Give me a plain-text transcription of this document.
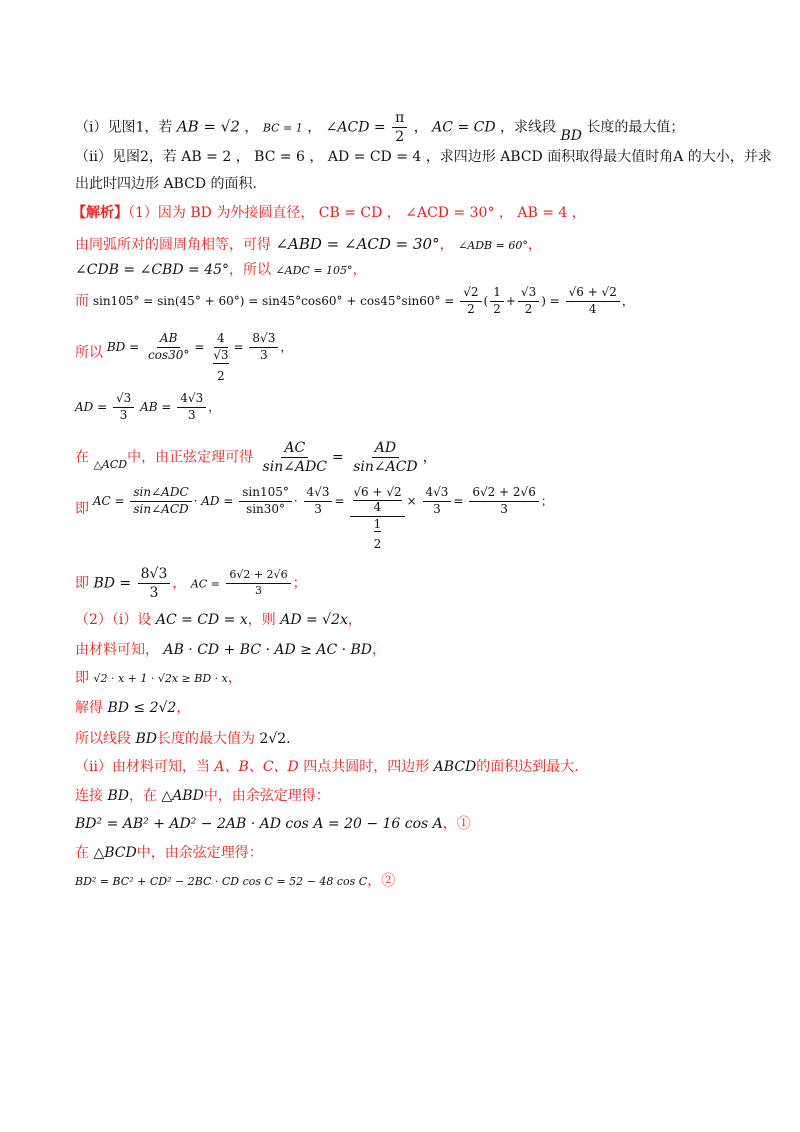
（i）见图1，若 AB = √2 ， BC = 1 ， ∠ACD = $\frac{\pi}{2}$ ， AC = CD ，求线段 BD 长度的最大值；
（ii）见图2，若 AB = 2 ， BC = 6 ， AD = CD = 4 ，求四边形 ABCD 面积取得最大值时角A 的大小，并求
出此时四边形 ABCD 的面积.
【解析】（1）因为 BD 为外接圆直径， CB = CD ， ∠ACD = 30° ， AB = 4 ，
由同弧所对的圆周角相等，可得 ∠ABD = ∠ACD = 30°， ∠ADB = 60°，
∠CDB = ∠CBD = 45°，所以 ∠ADC = 105°，
而 $\sin 105^\circ = \sin(45^\circ + 60^\circ) = \sin 45^\circ\cos 60^\circ + \cos 45^\circ\sin 60^\circ = \frac{√2}{2}$ ( $\frac{1}{2} + \frac{√3}{2}$ ) = $\frac{√6 + √2}{4}$ ，
所以 BD = $\frac{AB}{\cos 30^\circ} = 4$
√3
$2 = \frac{8√3}{3}$ ，
AD = $\frac{√3}{3}$ AB = $\frac{4√3}{3}$ ，
在 $_{\triangle ACD}$中，由正弦定理可得 $\frac{AC}{\text{sin∠ADC}} = \frac{AD}{\text{sin∠ACD}}$ ，
即 AC = $\frac{\text{sin∠ADC}}{\text{sin∠ACD}}$ · AD = $\frac{\sin 105^\circ}{\sin 30^\circ} \cdot \frac{4√3}{3} = √6 + √2$
4
1
$2 \times \frac{4√3}{3} = \frac{6√2 + 2√6}{3}$ ；
即 BD = $\frac{8√3}{3}$ ， AC = $\frac{6√2 + 2√6}{3}$ ；
（2）（i）设 AC = CD = x，则 AD = √2x，
由材料可知， AB · CD + BC · AD ≥ AC · BD，
即 √2 · x + 1 · √2x ≥ BD · x，
解得 BD ≤ 2√2，
所以线段 BD长度的最大值为 2√2.
（ii）由材料可知，当 A、B、C、D 四点共圆时，四边形 ABCD的面积达到最大.
连接 BD，在 △ABD中，由余弦定理得：
BD² = AB² + AD² − 2AB · AD cos A = 20 − 16 cos A，①
在 △BCD中，由余弦定理得：
BD² = BC² + CD² − 2BC · CD cos C = 52 − 48 cos C，②
